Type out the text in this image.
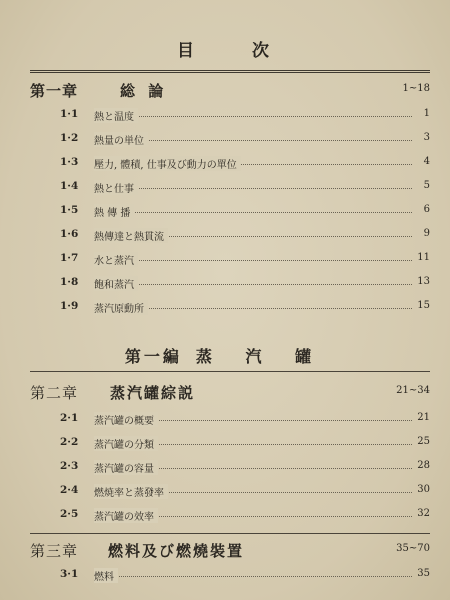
目 次
第一章	総 論	1~18
1·1 熱と温度	1
1·2 熱量の単位	3
1·3 壓力, 體積, 仕事及び動力の單位	4
1·4 熱と仕事	5
1·5 熱 傳 播	6
1·6 熱傳達と熱貫流	9
1·7 水と蒸汽	11
1·8 飽和蒸汽	13
1·9 蒸汽原動所	15
第一編 蒸 汽 罐
第二章 蒸汽罐綜説	21~34
2·1 蒸汽罐の概要	21
2·2 蒸汽罐の分類	25
2·3 蒸汽罐の容量	28
2·4 燃焼率と蒸發率	30
2·5 蒸汽罐の效率	32
第三章 燃料及び燃燒裝置	35~70
3·1 燃料	35
